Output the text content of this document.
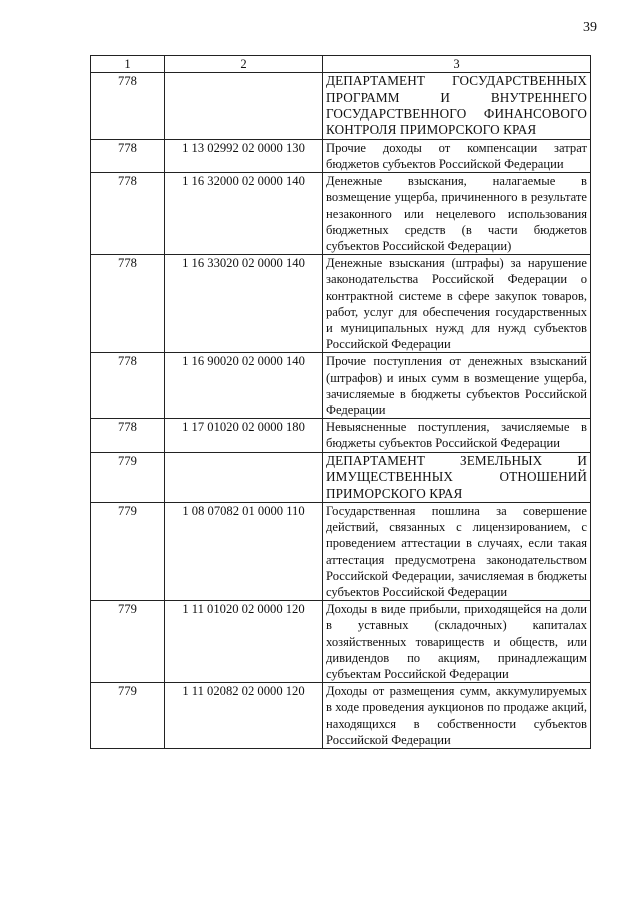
39
1	2	3
778		ДЕПАРТАМЕНТ ГОСУДАРСТВЕННЫХ ПРОГРАММ И ВНУТРЕННЕГО ГОСУДАРСТВЕННОГО ФИНАНСОВОГО КОНТРОЛЯ ПРИМОРСКОГО КРАЯ
778	1 13 02992 02 0000 130	Прочие доходы от компенсации затрат бюджетов субъектов Российской Федерации
778	1 16 32000 02 0000 140	Денежные взыскания, налагаемые в возмещение ущерба, причиненного в результате незаконного или нецелевого использования бюджетных средств (в части бюджетов субъектов Российской Федерации)
778	1 16 33020 02 0000 140	Денежные взыскания (штрафы) за нарушение законодательства Российской Федерации о контрактной системе в сфере закупок товаров, работ, услуг для обеспечения государственных и муниципальных нужд для нужд субъектов Российской Федерации
778	1 16 90020 02 0000 140	Прочие поступления от денежных взысканий (штрафов) и иных сумм в возмещение ущерба, зачисляемые в бюджеты субъектов Российской Федерации
778	1 17 01020 02 0000 180	Невыясненные поступления, зачисляемые в бюджеты субъектов Российской Федерации
779		ДЕПАРТАМЕНТ ЗЕМЕЛЬНЫХ И ИМУЩЕСТВЕННЫХ ОТНОШЕНИЙ ПРИМОРСКОГО КРАЯ
779	1 08 07082 01 0000 110	Государственная пошлина за совершение действий, связанных с лицензированием, с проведением аттестации в случаях, если такая аттестация предусмотрена законодательством Российской Федерации, зачисляемая в бюджеты субъектов Российской Федерации
779	1 11 01020 02 0000 120	Доходы в виде прибыли, приходящейся на доли в уставных (складочных) капиталах хозяйственных товариществ и обществ, или дивидендов по акциям, принадлежащим субъектам Российской Федерации
779	1 11 02082 02 0000 120	Доходы от размещения сумм, аккумулируемых в ходе проведения аукционов по продаже акций, находящихся в собственности субъектов Российской Федерации
